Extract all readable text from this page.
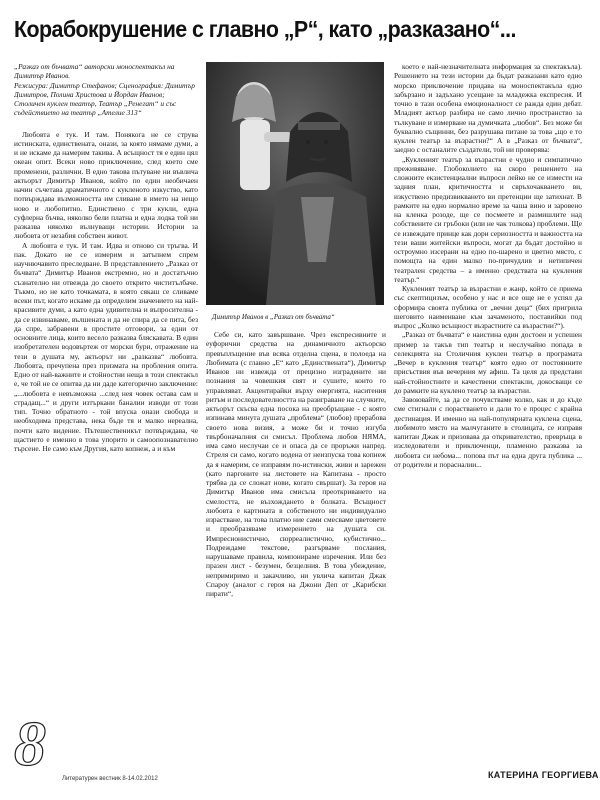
Корабокрушение с главно „Р“, като „разказано“...

„Разказ от бъчвата“ авторски моноспектакъл на Димитър Иванов.

Режисура: Димитър Стефанов; Сценография: Димитър Димитров, Полина Христова и Йордан Иванов;

Столичен куклен театър, Театър „Ренегат“ и със съдействието на театър „Ателие 313“

Любовта е тук. И там. Понякога не се струва истинската, единствената, онази, за която нямаме думи, а и не искаме да намерим такива. А всъщност тя е един цял океан опит. Всеки ново приключение, след което сме променени, различни. В едно такова пътуване ни въвлича актьорът Димитър Иванов, който по един необичаен начин съчетава драматичното с кукленото изкуство, като потвърждава възможността им сливане в името на нещо ново и любопитно. Единствено с три кукли, една суфлерна бъчва, няколко бели платна и една лодка той ни разказва няколко вълнуващи истории. Истории за любовта от незабия собствен живот.

А любовта е тук. И там. Идва и отново си тръгва. И пак. Докато не се измерим и затъпнем спрем научнючавито преследване. В представлението „Разказ от бъчвата“ Димитър Иванов екстремно, но и достатъчно съзнателно ни отвежда до своето открито чиститълбаче. Тъкмо, но не като точкамата, в която сякаш се сливаме всеки път, когато искаме да определим значението на най-красивите думи, а като една удивителна и въпросителна - да се извинаваме, вълшената и да не спира да се пита, без да спре, забравени в простите отговори, за едни от основните лица, които весело разказва бляскавата. В един изобретателен водовъртеж от морски бури, отражение на тези в душата му, актьорът ни „разказва“ любовта. Любовта, пречупена през призмата на пробления опита. Едно от най-важните и стойностни неща в този спектакъл е, че той не се опитва да ни даде категорично заключение: „...любовта е невъзможна ...след нея човек остава сам и страдащ...“ и други изтъркани баналии изводи от този тип. Точно обратното - той впуска онази свобода и необходима представа, нека бъде тя и малко нереална, почти като видение. Пътешественикът потвърждава, че щастието е именно в това упорито и самоопознавателно търсене. Не само към Другия, като копнеж, а и към

8	Литературен вестник 8-14.02.2012
Димитър Иванов в „Разказ от бъчвата“

Себе си, като завършване. Чрез експресивните и еуфорични средства на динамичното актьорско превъплъщение във всяка отделна сцена, в полоеда на Любимата (с главно „Е“ като „Единствената“), Димитър Иванов ни извежда от прецизно изградените ни познания за човешкия свят и сушите, които го управляват. Акцентирайки върху енергията, наситения ритъм и последователността на разиграване на случките, актьорът скъсва една посока на преобръщане - с която изпинава минута душата „проблема“ (любов) прерабова своето нова визия, а може би и точно изгуба твърбоначалния си смисъл. Проблема любов НЯМА, има само неслучаи се и опаса да се проръжи напред. Стреля си само, когато водена от неизпуска това копнеж да я намерим, се изправям по-истински, живи и зарежен (като паргоните на листовете на Капитана - просто трябва да се сложат нови, когато свършат). За героя на Димитър Иванов има смисъла преоткриването на смелостта, не възхождането в болката. Всъщност любовта е картината в собственото ни индивидуално израстване, на това платно ние сами смесваме цветовете и преобразяваме измерението на душата си. Импресионистично, сюрреалистично, кубистично... Подреждаме текстове, разгърваме послания, нарушаваме правила, компонираме изречения. Или без празен лист - безумен, безцелния. В това убеждение, непримиримо и закачливо, ни увлича капитан Джак Спароу (аналог с героя на Джони Деп от „Карибски пирати“,

което е най-незначителната информация за спектакъла). Решението на тези истории да бъдат разказани като едно морско приключение придава на моноспектакъла едно забързано и задъхано усещане за младежка експресия. И точно в тази особена емоционалност се ражда един дебат. Младият актьор разбира не само личнo пространство за тълкуване и измерване на думичката „любов“. Без може би буквално същинни, без разрушава питане за това „що е то куклен театър за възрастни?“ А в „Разказ от бъчвата“, заедно с останалите създатели, той ни проверява:

„Кукленият театър за възрастни е чудно и симпатично преживяване. Глобоколието на скоро решението на сложните екзистенциални въпроси лейко не се измести на задния план, критичността и свръхочакването ви, изкуствено предизвикването ви претенции ще затихнат. В рамките на едно нормално време за чаша вино и заровено на кленка розоде, ще се посмеете и размишлите над собствените си гръбоки (или не чак толкова) проблеми. Ще се извеждате принце как дори сериозността и важността на тези ваши житейски въпроси, могат да бъдат достойно и остроумно изсерани на едно по-шарено и цветно място, с помощта на един малко по-причудлив и нетипичен театрален средства – а именно средствата на кукления театър.“

Кукленият театър за възрастни е жанр, който се приема със скептицизъм, особено у нас и все още не е успял да сформира своята публика от „вечни деца“ (бих пригрила шеговито наименване към зачаменото, поставийки под въпрос „Колко всъщност възрастните са възрастни?“).

„Разказ от бъчвата“ е наистина един достоен и успешен пример за такъв тип театър и неслучайно попада в селекцията на Столичния куклен театър в програмата „Вечер в кукления театър“ която едно от постоянните присъствия във вечерния му афиш. Та целя да представи най-стойностните и качествени спектакли, докосващи се до рамките на куклено театър за възрастни.

Завоювайте, за да се почувстваме колко, как и до къде сме стигнали с порастването и дали то е процес с крайна дестинация. И именно на най-популярната куклена сцена, любимото място на малчуганите в столицата, се изправя капитан Джак и призовава да откривателство, превръща в изследователи и приключенци, пламенно разказва за любовта си небома... попова път на една друга публика ... от родители и порасналии...

КАТЕРИНА ГЕОРГИЕВА
